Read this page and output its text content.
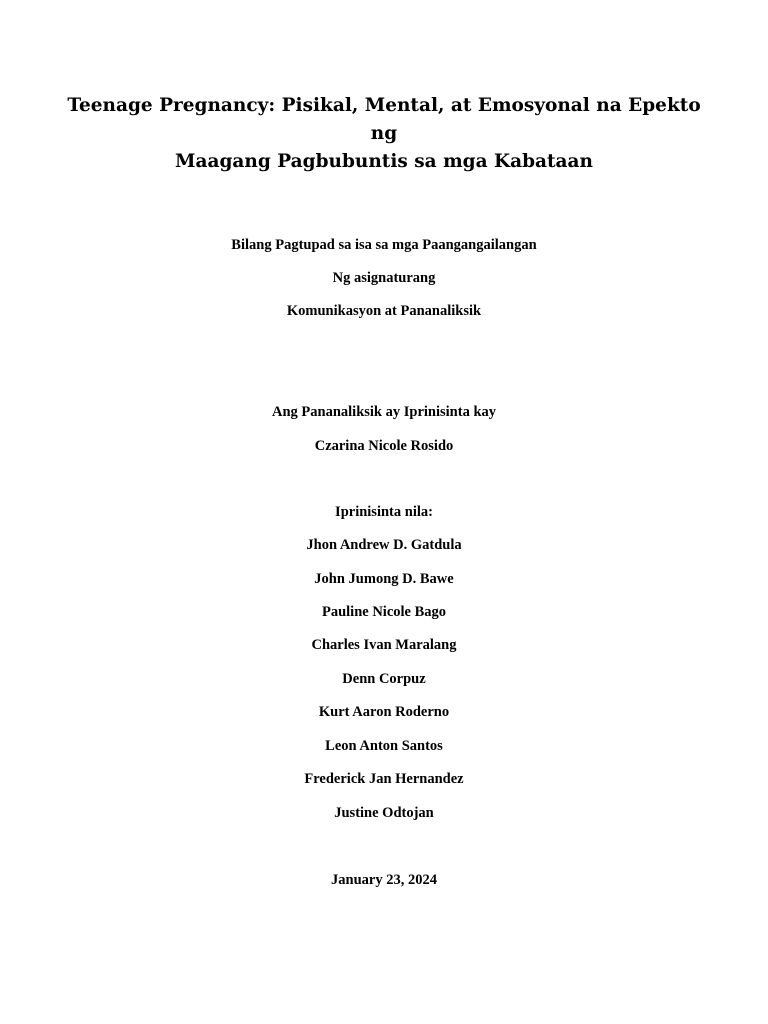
Teenage Pregnancy: Pisikal, Mental, at Emosyonal na Epekto ng
Maagang Pagbubuntis sa mga Kabataan
Bilang Pagtupad sa isa sa mga Paangangailangan
Ng asignaturang
Komunikasyon at Pananaliksik
Ang Pananaliksik ay Iprinisinta kay
Czarina Nicole Rosido
Iprinisinta nila:
Jhon Andrew D. Gatdula
John Jumong D. Bawe
Pauline Nicole Bago
Charles Ivan Maralang
Denn Corpuz
Kurt Aaron Roderno
Leon Anton Santos
Frederick Jan Hernandez
Justine Odtojan
January 23, 2024
